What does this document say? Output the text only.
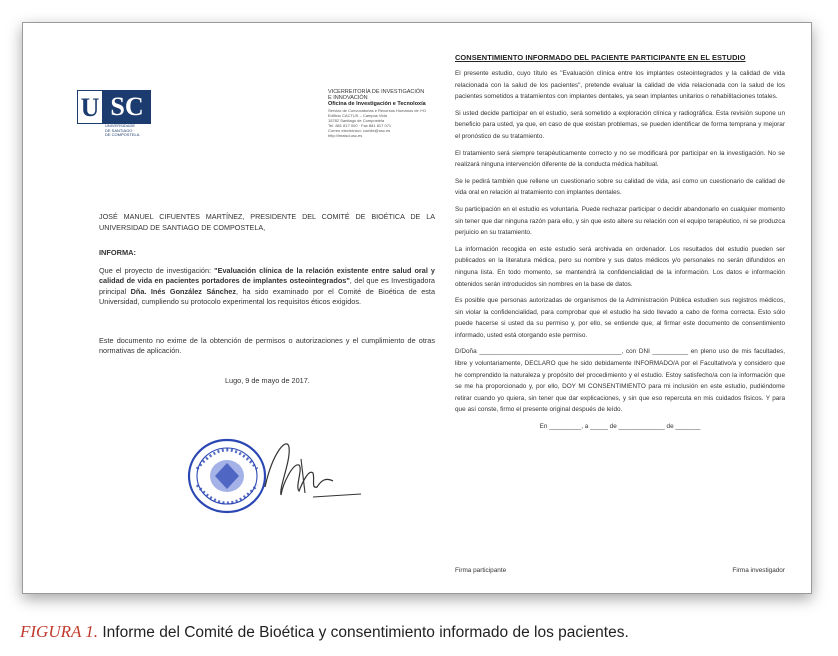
U SC
UNIVERSIDADE
DE SANTIAGO
DE COMPOSTELA
VICERREITORÍA DE INVESTIGACIÓN
E INNOVACIÓN
Oficina de Investigación e Tecnoloxía
Servizo de Convocatorias e Recursos Humanos de I+D
Edificio CACTUS – Campus Vida
15782 Santiago de Compostela
Tel. 881 817 000 · Fax 881 817 071
Correo electrónico: comite@usc.es
http://imaisd.usc.es
JOSÉ MANUEL CIFUENTES MARTÍNEZ, PRESIDENTE DEL COMITÉ DE BIOÉTICA DE LA UNIVERSIDAD DE SANTIAGO DE COMPOSTELA,
INFORMA:
Que el proyecto de investigación: "Evaluación clínica de la relación existente entre salud oral y calidad de vida en pacientes portadores de implantes osteointegrados", del que es Investigadora principal Dña. Inés González Sánchez, ha sido examinado por el Comité de Bioética de esta Universidad, cumpliendo su protocolo experimental los requisitos éticos exigidos.
Este documento no exime de la obtención de permisos o autorizaciones y el cumplimiento de otras normativas de aplicación.
Lugo, 9 de mayo de 2017.
CONSENTIMIENTO INFORMADO DEL PACIENTE PARTICIPANTE EN EL ESTUDIO

El presente estudio, cuyo título es "Evaluación clínica entre los implantes osteointegrados y la calidad de vida relacionada con la salud de los pacientes", pretende evaluar la calidad de vida relacionada con la salud de los pacientes sometidos a tratamientos con implantes dentales, ya sean implantes unitarios o rehabilitaciones totales.

Si usted decide participar en el estudio, será sometido a exploración clínica y radiográfica. Esta revisión supone un beneficio para usted, ya que, en caso de que existan problemas, se pueden identificar de forma temprana y mejorar el pronóstico de su tratamiento.

El tratamiento será siempre terapéuticamente correcto y no se modificará por participar en la investigación. No se realizará ninguna intervención diferente de la conducta médica habitual.

Se le pedirá también que rellene un cuestionario sobre su calidad de vida, así como un cuestionario de calidad de vida oral en relación al tratamiento con implantes dentales.

Su participación en el estudio es voluntaria. Puede rechazar participar o decidir abandonarlo en cualquier momento sin tener que dar ninguna razón para ello, y sin que esto altere su relación con el equipo terapéutico, ni se produzca perjuicio en su tratamiento.

La información recogida en este estudio será archivada en ordenador. Los resultados del estudio pueden ser publicados en la literatura médica, pero su nombre y sus datos médicos y/o personales no serán difundidos en ninguna lista. En todo momento, se mantendrá la confidencialidad de la información. Los datos e información obtenidos serán introducidos sin nombres en la base de datos.

Es posible que personas autorizadas de organismos de la Administración Pública estudien sus registros médicos, sin violar la confidencialidad, para comprobar que el estudio ha sido llevado a cabo de forma correcta. Esto sólo puede hacerse si usted da su permiso y, por ello, se entiende que, al firmar este documento de consentimiento informado, usted está otorgando este permiso.

D/Doña ________________________________________, con DNI __________ en pleno uso de mis facultades, libre y voluntariamente, DECLARO que he sido debidamente INFORMADO/A por el Facultativo/a y considero que he comprendido la naturaleza y propósito del procedimiento y el estudio. Estoy satisfecho/a con la información que se me ha proporcionado y, por ello, DOY MI CONSENTIMIENTO para mi inclusión en este estudio, pudiéndome retirar cuando yo quiera, sin tener que dar explicaciones, y sin que eso repercuta en mis cuidados físicos. Y para que así conste, firmo el presente original después de leído.

En _________, a _____ de _____________ de _______

Firma participante	Firma investigador
FIGURA 1. Informe del Comité de Bioética y consentimiento informado de los pacientes.
